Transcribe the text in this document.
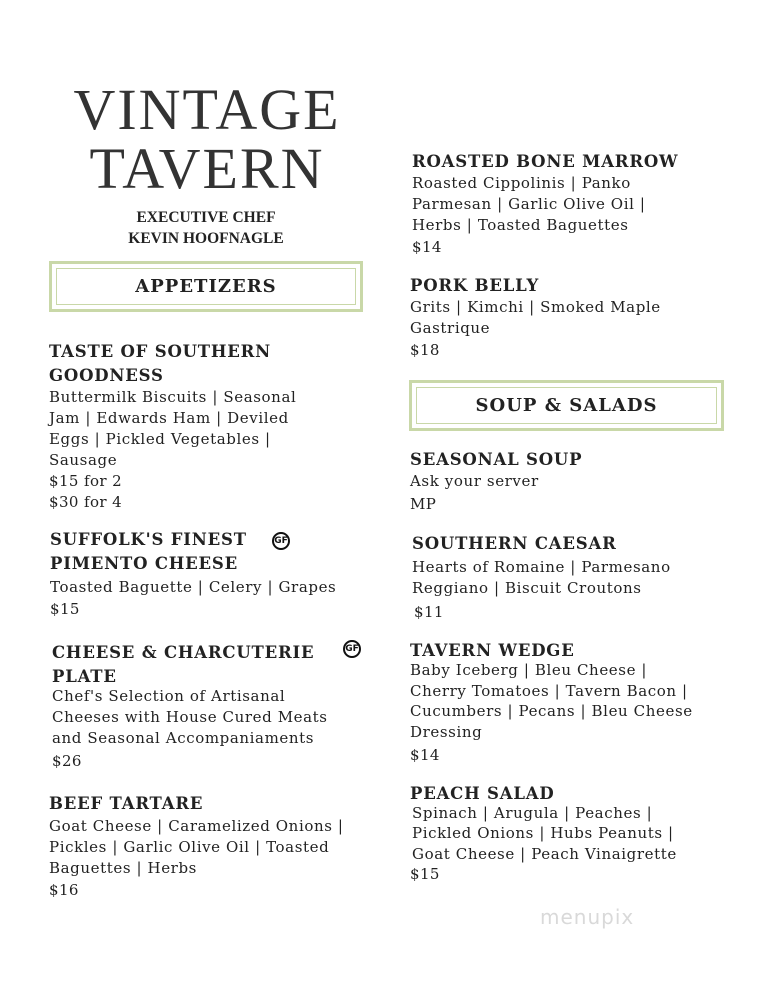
VINTAGE
TAVERN
EXECUTIVE CHEF
KEVIN HOOFNAGLE
APPETIZERS
TASTE OF SOUTHERN
GOODNESS
Buttermilk Biscuits | Seasonal
Jam | Edwards Ham | Deviled
Eggs | Pickled Vegetables |
Sausage
$15 for 2
$30 for 4
SUFFOLK'S FINEST	GF
PIMENTO CHEESE
Toasted Baguette | Celery | Grapes
$15
CHEESE & CHARCUTERIE	GF
PLATE
Chef's Selection of Artisanal
Cheeses with House Cured Meats
and Seasonal Accompaniaments
$26
BEEF TARTARE
Goat Cheese | Caramelized Onions |
Pickles | Garlic Olive Oil | Toasted
Baguettes | Herbs
$16
ROASTED BONE MARROW
Roasted Cippolinis | Panko
Parmesan | Garlic Olive Oil |
Herbs | Toasted Baguettes
$14
PORK BELLY
Grits | Kimchi | Smoked Maple
Gastrique
$18
SOUP & SALADS
SEASONAL SOUP
Ask your server
MP
SOUTHERN CAESAR
Hearts of Romaine | Parmesano
Reggiano | Biscuit Croutons
$11
TAVERN WEDGE
Baby Iceberg | Bleu Cheese |
Cherry Tomatoes | Tavern Bacon |
Cucumbers | Pecans | Bleu Cheese
Dressing
$14
PEACH SALAD
Spinach | Arugula | Peaches |
Pickled Onions | Hubs Peanuts |
Goat Cheese | Peach Vinaigrette
$15
menupix
